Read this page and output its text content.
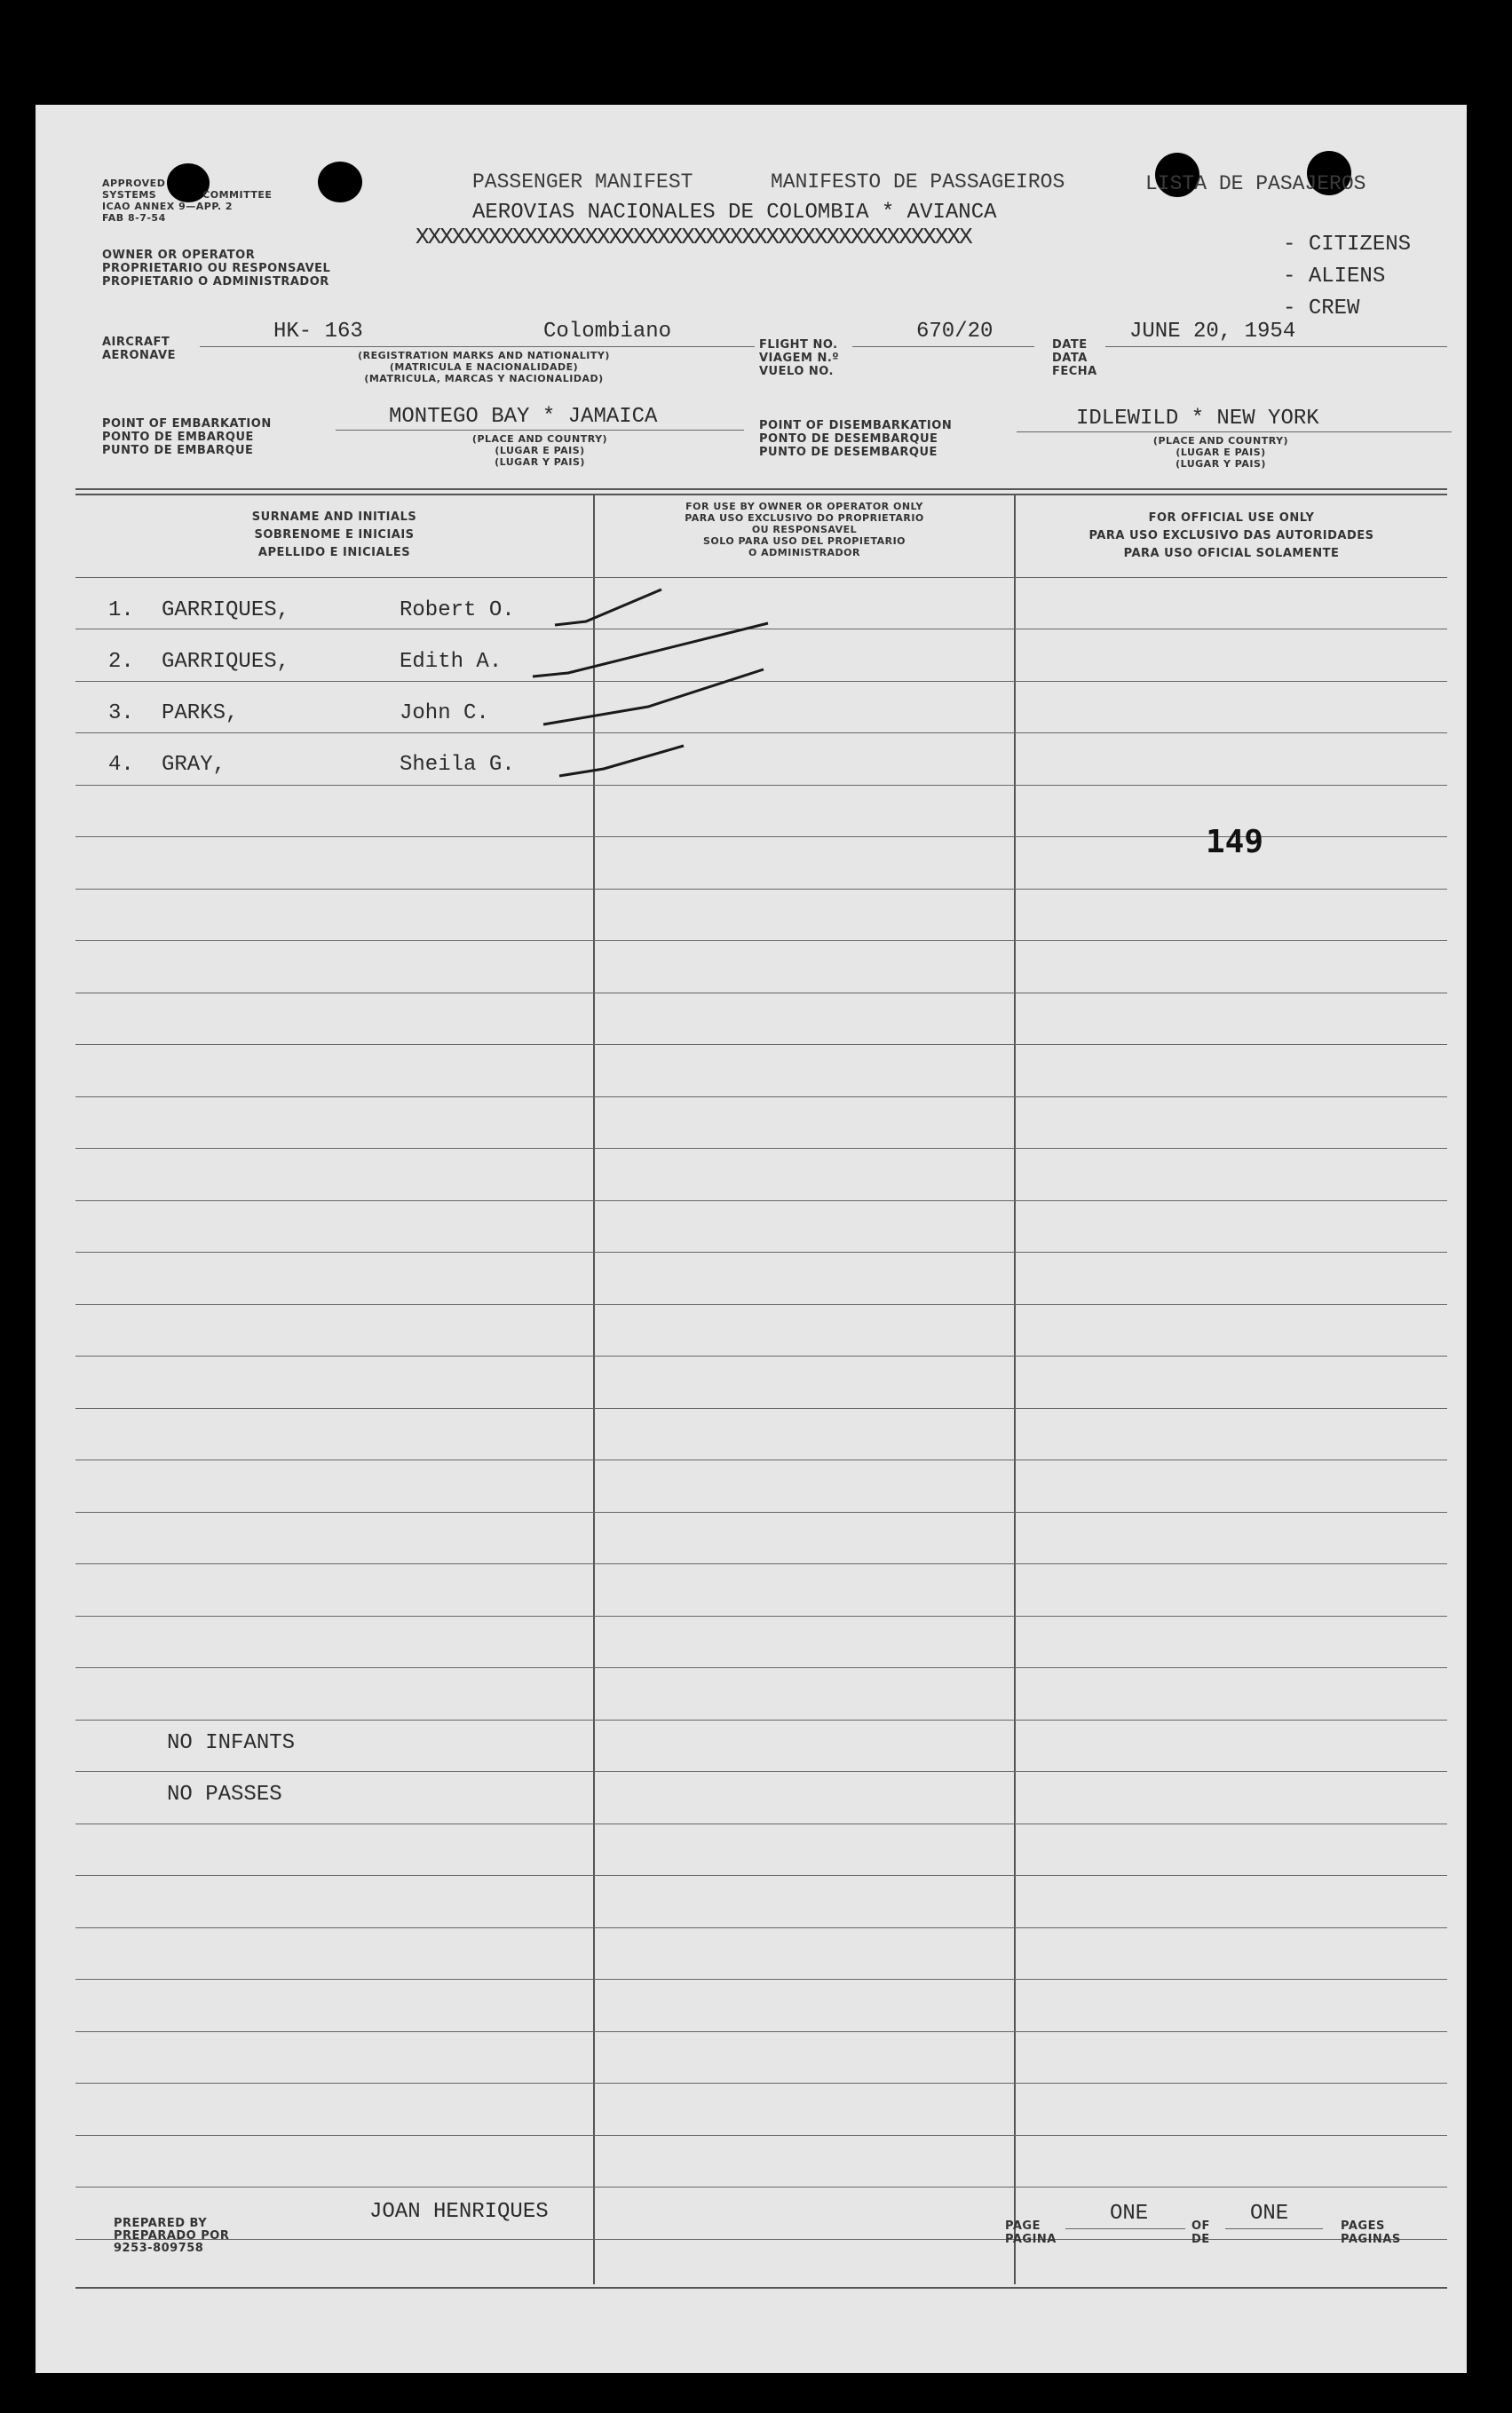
APPROVED
SYSTEMS	COMMITTEE
ICAO ANNEX 9—APP. 2
FAB 8-7-54
OWNER OR OPERATOR
PROPRIETARIO OU RESPONSAVEL
PROPIETARIO O ADMINISTRADOR
PASSENGER MANIFEST	MANIFESTO DE PASSAGEIROS	LISTA DE PASAJEROS
AEROVIAS NACIONALES DE COLOMBIA * AVIANCA
XXXXXXXXXXXXXXXXXXXXXXXXXXXXXXXXXXXXXXXXXXXXXX	- CITIZENS
- ALIENS
- CREW
AIRCRAFT
AERONAVE
HK- 163	Colombiano
(REGISTRATION MARKS AND NATIONALITY)
(MATRICULA E NACIONALIDADE)
(MATRICULA, MARCAS Y NACIONALIDAD)
FLIGHT NO.
VIAGEM N.º
VUELO NO.
670/20
DATE
DATA
FECHA
JUNE 20, 1954
POINT OF EMBARKATION
PONTO DE EMBARQUE
PUNTO DE EMBARQUE
MONTEGO BAY * JAMAICA
(PLACE AND COUNTRY)
(LUGAR E PAIS)
(LUGAR Y PAIS)
POINT OF DISEMBARKATION
PONTO DE DESEMBARQUE
PUNTO DE DESEMBARQUE
IDLEWILD * NEW YORK
(PLACE AND COUNTRY)
(LUGAR E PAIS)
(LUGAR Y PAIS)
SURNAME AND INITIALS
SOBRENOME E INICIAIS
APELLIDO E INICIALES
FOR USE BY OWNER OR OPERATOR ONLY
PARA USO EXCLUSIVO DO PROPRIETARIO
OU RESPONSAVEL
SOLO PARA USO DEL PROPIETARIO
O ADMINISTRADOR
FOR OFFICIAL USE ONLY
PARA USO EXCLUSIVO DAS AUTORIDADES
PARA USO OFICIAL SOLAMENTE
1. GARRIQUES,	Robert O.
2. GARRIQUES,	Edith A.
3. PARKS,	John C.
4. GRAY,	Sheila G.
149
NO INFANTS
NO PASSES
PREPARED BY
PREPARADO POR
9253-809758
JOAN HENRIQUES
PAGE
PAGINA
ONE
OF
DE
ONE
PAGES
PAGINAS
